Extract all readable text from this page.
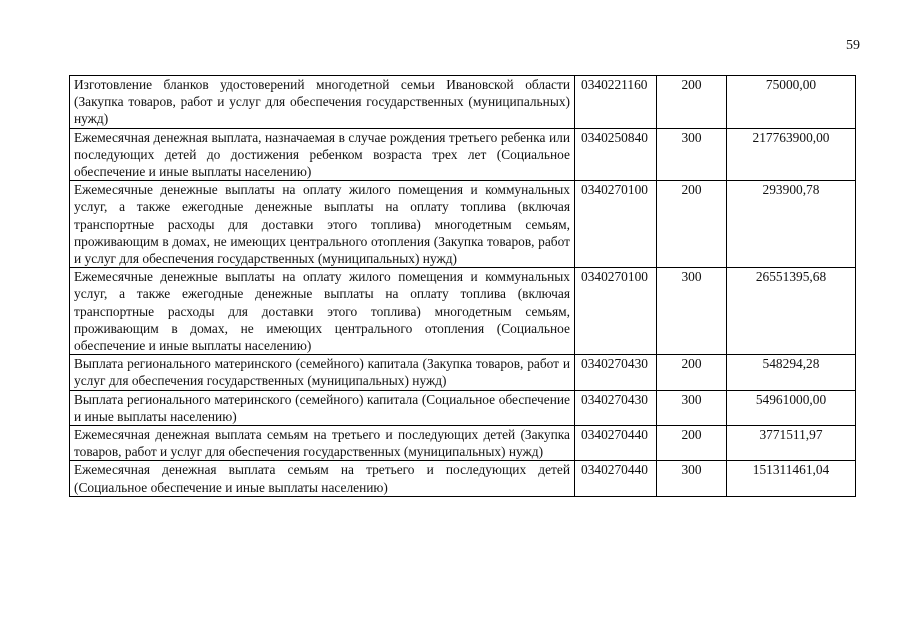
59
Изготовление бланков удостоверений многодетной семьи Ивановской области (Закупка товаров, работ и услуг для обеспечения государственных (муниципальных) нужд)	0340221160	200	75000,00
Ежемесячная денежная выплата, назначаемая в случае рождения третьего ребенка или последующих детей до достижения ребенком возраста трех лет (Социальное обеспечение и иные выплаты населению)	0340250840	300	217763900,00
Ежемесячные денежные выплаты на оплату жилого помещения и коммунальных услуг, а также ежегодные денежные выплаты на оплату топлива (включая транспортные расходы для доставки этого топлива) многодетным семьям, проживающим в домах, не имеющих центрального отопления (Закупка товаров, работ и услуг для обеспечения государственных (муниципальных) нужд)	0340270100	200	293900,78
Ежемесячные денежные выплаты на оплату жилого помещения и коммунальных услуг, а также ежегодные денежные выплаты на оплату топлива (включая транспортные расходы для доставки этого топлива) многодетным семьям, проживающим в домах, не имеющих центрального отопления (Социальное обеспечение и иные выплаты населению)	0340270100	300	26551395,68
Выплата регионального материнского (семейного) капитала (Закупка товаров, работ и услуг для обеспечения государственных (муниципальных) нужд)	0340270430	200	548294,28
Выплата регионального материнского (семейного) капитала (Социальное обеспечение и иные выплаты населению)	0340270430	300	54961000,00
Ежемесячная денежная выплата семьям на третьего и последующих детей (Закупка товаров, работ и услуг для обеспечения государственных (муниципальных) нужд)	0340270440	200	3771511,97
Ежемесячная денежная выплата семьям на третьего и последующих детей (Социальное обеспечение и иные выплаты населению)	0340270440	300	151311461,04
